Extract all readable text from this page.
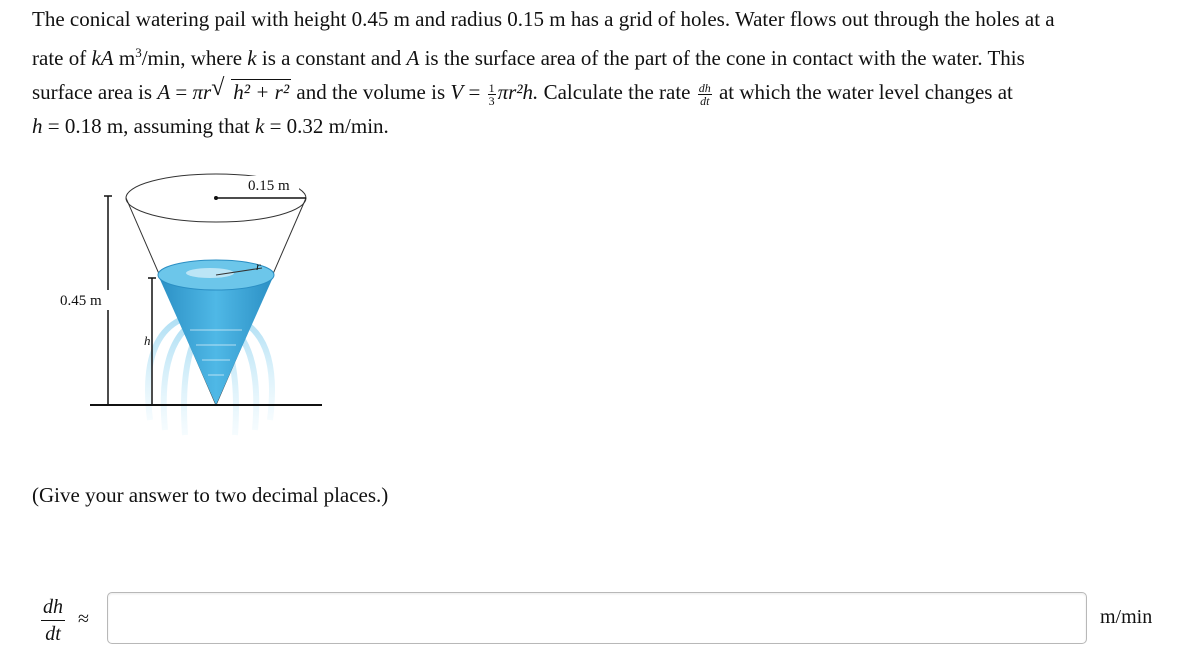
The conical watering pail with height 0.45 m and radius 0.15 m has a grid of holes. Water flows out through the holes at a
rate of kA $m^3/\min$, where k is a constant and A is the surface area of the part of the cone in contact with the water. This
surface area is A = πr √ h² + r² and the volume is $V = \frac{1}{3} \pi r^2h$. Calculate the rate $\frac{dh}{dt}$ at which the water level changes at
h = 0.18 m, assuming that k = 0.32 m/min.
r
0.45 m
h
0.15 m
(Give your answer to two decimal places.)
$\frac{dh}{dt}$ ≈	m/min
